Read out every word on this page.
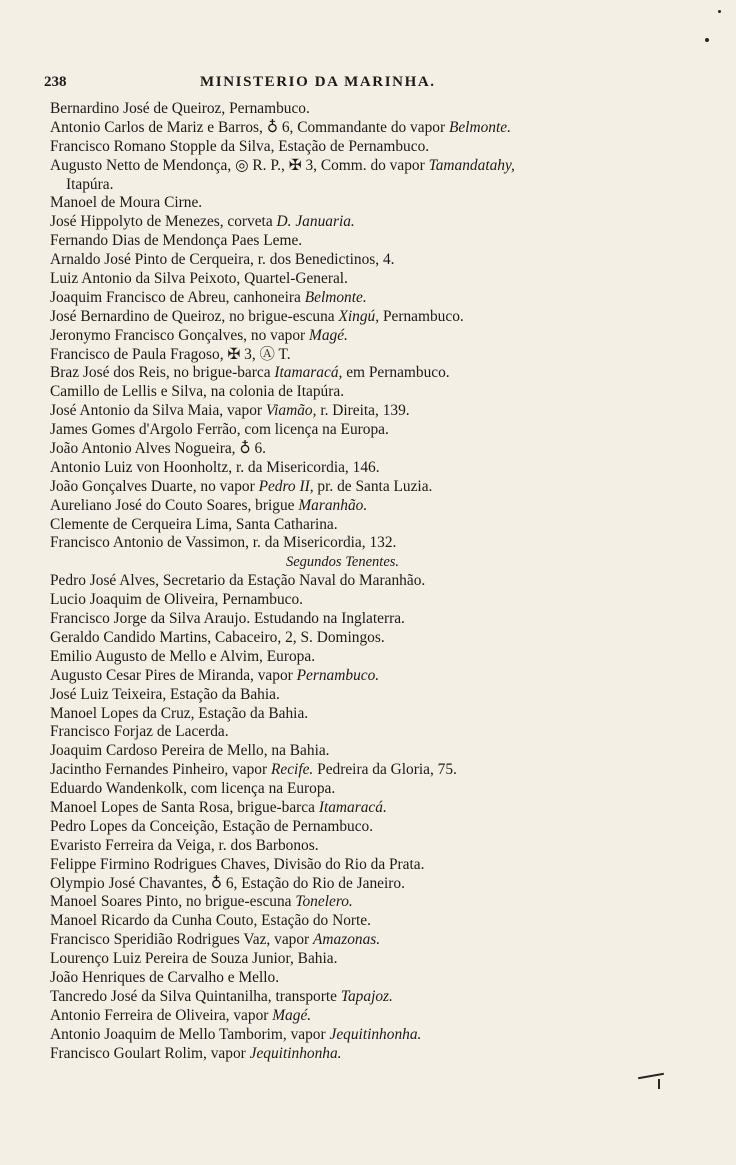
238	MINISTERIO DA MARINHA.
Bernardino José de Queiroz, Pernambuco.
Antonio Carlos de Mariz e Barros, ♁ 6, Commandante do vapor Belmonte.
Francisco Romano Stopple da Silva, Estação de Pernambuco.
Augusto Netto de Mendonça, ◎ R. P., ✠ 3, Comm. do vapor Tamandatahy,
Itapúra.
Manoel de Moura Cirne.
José Hippolyto de Menezes, corveta D. Januaria.
Fernando Dias de Mendonça Paes Leme.
Arnaldo José Pinto de Cerqueira, r. dos Benedictinos, 4.
Luiz Antonio da Silva Peixoto, Quartel-General.
Joaquim Francisco de Abreu, canhoneira Belmonte.
José Bernardino de Queiroz, no brigue-escuna Xingú, Pernambuco.
Jeronymo Francisco Gonçalves, no vapor Magé.
Francisco de Paula Fragoso, ✠ 3, Ⓐ T.
Braz José dos Reis, no brigue-barca Itamaracá, em Pernambuco.
Camillo de Lellis e Silva, na colonia de Itapúra.
José Antonio da Silva Maia, vapor Viamão, r. Direita, 139.
James Gomes d'Argolo Ferrão, com licença na Europa.
João Antonio Alves Nogueira, ♁ 6.
Antonio Luiz von Hoonholtz, r. da Misericordia, 146.
João Gonçalves Duarte, no vapor Pedro II, pr. de Santa Luzia.
Aureliano José do Couto Soares, brigue Maranhão.
Clemente de Cerqueira Lima, Santa Catharina.
Francisco Antonio de Vassimon, r. da Misericordia, 132.
Segundos Tenentes.
Pedro José Alves, Secretario da Estação Naval do Maranhão.
Lucio Joaquim de Oliveira, Pernambuco.
Francisco Jorge da Silva Araujo. Estudando na Inglaterra.
Geraldo Candido Martins, Cabaceiro, 2, S. Domingos.
Emilio Augusto de Mello e Alvim, Europa.
Augusto Cesar Pires de Miranda, vapor Pernambuco.
José Luiz Teixeira, Estação da Bahia.
Manoel Lopes da Cruz, Estação da Bahia.
Francisco Forjaz de Lacerda.
Joaquim Cardoso Pereira de Mello, na Bahia.
Jacintho Fernandes Pinheiro, vapor Recife. Pedreira da Gloria, 75.
Eduardo Wandenkolk, com licença na Europa.
Manoel Lopes de Santa Rosa, brigue-barca Itamaracá.
Pedro Lopes da Conceição, Estação de Pernambuco.
Evaristo Ferreira da Veiga, r. dos Barbonos.
Felippe Firmino Rodrigues Chaves, Divisão do Rio da Prata.
Olympio José Chavantes, ♁ 6, Estação do Rio de Janeiro.
Manoel Soares Pinto, no brigue-escuna Tonelero.
Manoel Ricardo da Cunha Couto, Estação do Norte.
Francisco Speridião Rodrigues Vaz, vapor Amazonas.
Lourenço Luiz Pereira de Souza Junior, Bahia.
João Henriques de Carvalho e Mello.
Tancredo José da Silva Quintanilha, transporte Tapajoz.
Antonio Ferreira de Oliveira, vapor Magé.
Antonio Joaquim de Mello Tamborim, vapor Jequitinhonha.
Francisco Goulart Rolim, vapor Jequitinhonha.
